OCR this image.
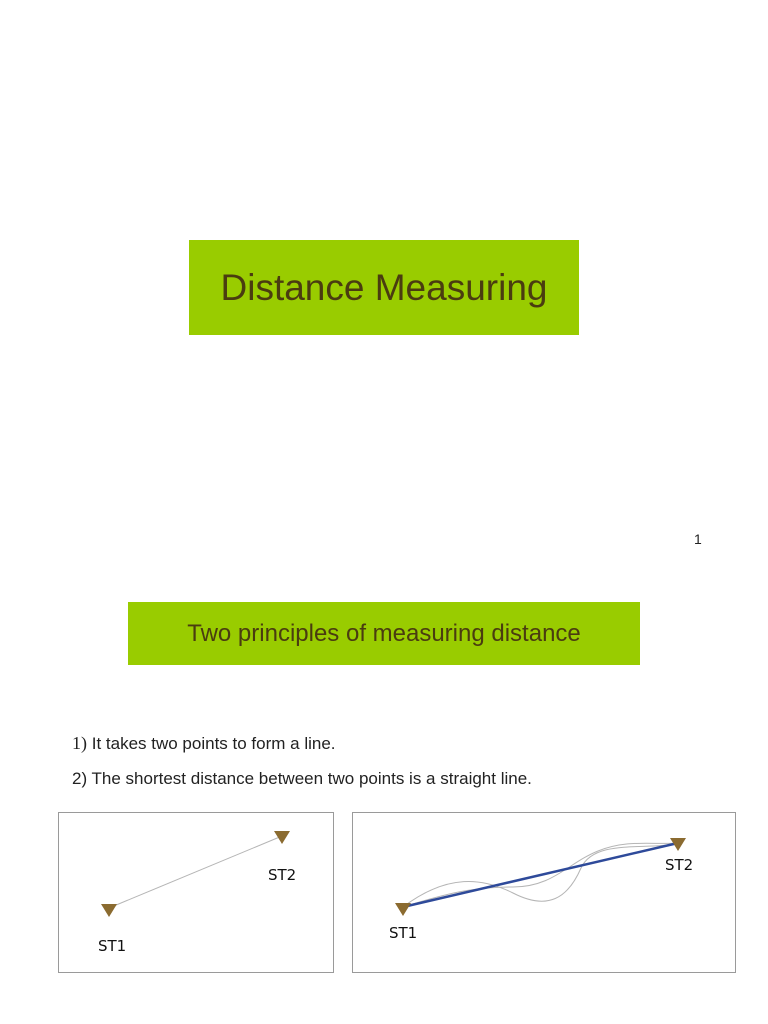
Distance Measuring
1
Two principles of measuring distance
1) It takes two points to form a line.
2) The shortest distance between two points is a straight line.
ST1
ST2
ST1
ST2
